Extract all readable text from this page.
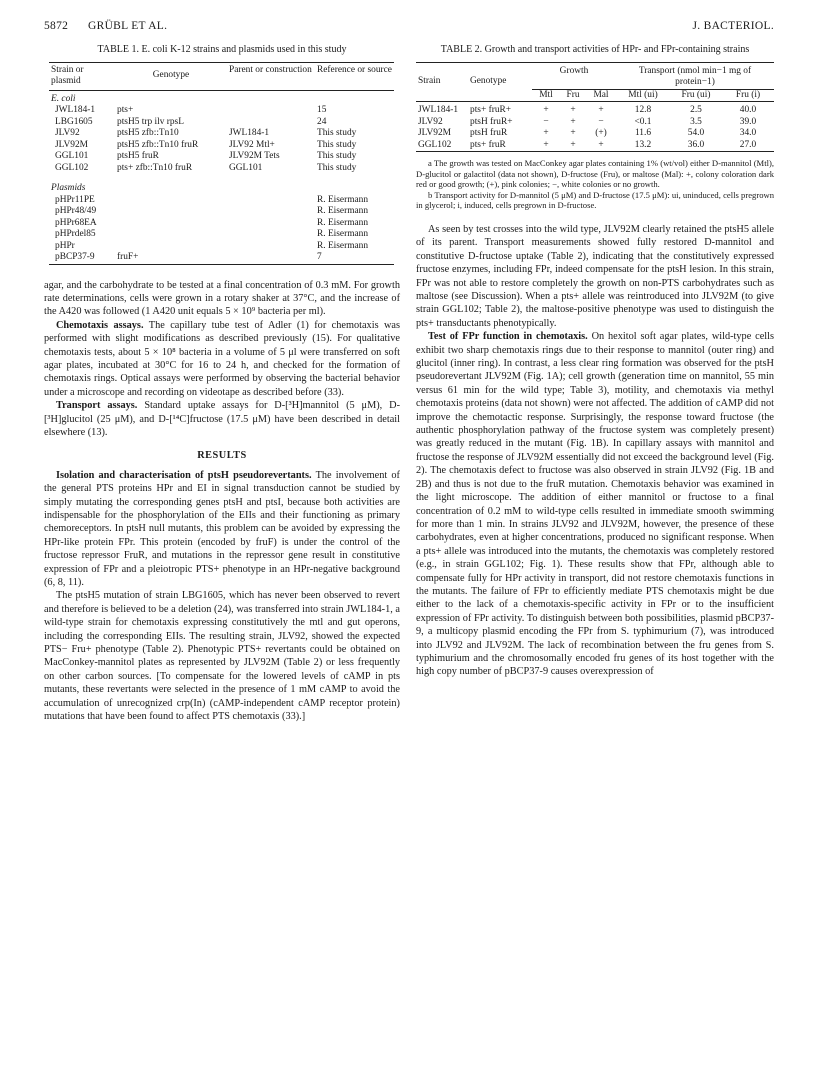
5872 GRÜBL ET AL.	J. BACTERIOL.
TABLE 1. E. coli K-12 strains and plasmids used in this study
Strain or plasmid	Genotype	Parent or construction	Reference or source
E. coli			
JWL184-1	pts+		15
LBG1605	ptsH5 trp ilv rpsL		24
JLV92	ptsH5 zfb::Tn10	JWL184-1	This study
JLV92M	ptsH5 zfb::Tn10 fruR	JLV92 Mtl+	This study
GGL101	ptsH5 fruR	JLV92M Tets	This study
GGL102	pts+ zfb::Tn10 fruR	GGL101	This study

Plasmids			
pHPr11PE			R. Eisermann
pHPr48/49			R. Eisermann
pHPr68EA			R. Eisermann
pHPrdel85			R. Eisermann
pHPr			R. Eisermann
pBCP37-9	fruF+		7

agar, and the carbohydrate to be tested at a final concentration of 0.3 mM. For growth rate determinations, cells were grown in a rotary shaker at 37°C, and the increase of the A420 was followed (1 A420 unit equals 5 × 10⁹ bacteria per ml).

Chemotaxis assays. The capillary tube test of Adler (1) for chemotaxis was performed with slight modifications as described previously (15). For qualitative chemotaxis tests, about 5 × 10⁸ bacteria in a volume of 5 μl were transferred on soft agar plates, incubated at 30°C for 16 to 24 h, and checked for the formation of chemotaxis rings. Optical assays were performed by observing the bacterial behavior under a microscope and recording on videotape as described before (33).

Transport assays. Standard uptake assays for D-[³H]mannitol (5 μM), D-[³H]glucitol (25 μM), and D-[¹⁴C]fructose (17.5 μM) have been described in detail elsewhere (13).

RESULTS

Isolation and characterisation of ptsH pseudorevertants. The involvement of the general PTS proteins HPr and EI in signal transduction cannot be studied by simply mutating the corresponding genes ptsH and ptsI, because both activities are indispensable for the phosphorylation of the EIIs and their functioning as primary chemoreceptors. In ptsH null mutants, this problem can be avoided by expressing the HPr-like protein FPr. This protein (encoded by fruF) is under the control of the fructose repressor FruR, and mutations in the repressor gene result in constitutive expression of FPr and a pleiotropic PTS+ phenotype in an HPr-negative background (6, 8, 11).

The ptsH5 mutation of strain LBG1605, which has never been observed to revert and therefore is believed to be a deletion (24), was transferred into strain JWL184-1, a wild-type strain for chemotaxis expressing constitutively the mtl and gut operons, including the corresponding EIIs. The resulting strain, JLV92, showed the expected PTS− Fru+ phenotype (Table 2). Phenotypic PTS+ revertants could be obtained on MacConkey-mannitol plates as represented by JLV92M (Table 2) or less frequently on other carbon sources. [To compensate for the lowered levels of cAMP in pts mutants, these revertants were selected in the presence of 1 mM cAMP to avoid the accumulation of unrecognized crp(In) (cAMP-independent cAMP receptor protein) mutations that have been found to affect PTS chemotaxis (33).]

TABLE 2. Growth and transport activities of HPr- and FPr-containing strains
Strain	Genotype	Growth			Transport (nmol min−1 mg of protein−1)		
		Mtl	Fru	Mal	Mtl (ui)	Fru (ui)	Fru (i)
JWL184-1	pts+ fruR+	+	+	+	12.8	2.5	40.0
JLV92	ptsH fruR+	−	+	−	<0.1	3.5	39.0
JLV92M	ptsH fruR	+	+	(+)	11.6	54.0	34.0
GGL102	pts+ fruR	+	+	+	13.2	36.0	27.0

a The growth was tested on MacConkey agar plates containing 1% (wt/vol) either D-mannitol (Mtl), D-glucitol or galactitol (data not shown), D-fructose (Fru), or maltose (Mal): +, colony coloration dark red or good growth; (+), pink colonies; −, white colonies or no growth.

b Transport activity for D-mannitol (5 μM) and D-fructose (17.5 μM): ui, uninduced, cells pregrown in glycerol; i, induced, cells pregrown in D-fructose.

As seen by test crosses into the wild type, JLV92M clearly retained the ptsH5 allele of its parent. Transport measurements showed fully restored D-mannitol and constitutive D-fructose uptake (Table 2), indicating that the constitutively expressed fructose enzymes, including FPr, indeed compensate for the ptsH lesion. In this strain, FPr was not able to restore completely the growth on non-PTS carbohydrates such as maltose (see Discussion). When a pts+ allele was reintroduced into JLV92M (to give strain GGL102; Table 2), the maltose-positive phenotype was used to distinguish the pts+ transductants phenotypically.

Test of FPr function in chemotaxis. On hexitol soft agar plates, wild-type cells exhibit two sharp chemotaxis rings due to their response to mannitol (outer ring) and glucitol (inner ring). In contrast, a less clear ring formation was observed for the ptsH pseudorevertant JLV92M (Fig. 1A); cell growth (generation time on mannitol, 55 min versus 61 min for the wild type; Table 3), motility, and chemotaxis via methyl chemotaxis proteins (data not shown) were not affected. The addition of cAMP did not improve the chemotactic response. Surprisingly, the response toward fructose (the authentic phosphorylation pathway of the fructose system was completely present) was greatly reduced in the mutant (Fig. 1B). In capillary assays with mannitol and fructose the response of JLV92M essentially did not exceed the background level (Fig. 2). The chemotaxis defect to fructose was also observed in strain JLV92 (Fig. 1B and 2B) and thus is not due to the fruR mutation. Chemotaxis behavior was examined in the light microscope. The addition of either mannitol or fructose to a final concentration of 0.2 mM to wild-type cells resulted in immediate smooth swimming for more than 1 min. In strains JLV92 and JLV92M, however, the presence of these carbohydrates, even at higher concentrations, produced no significant response. When a pts+ allele was introduced into the mutants, the chemotaxis was completely restored (e.g., in strain GGL102; Fig. 1). These results show that FPr, although able to compensate fully for HPr activity in transport, did not restore chemotaxis functions in the mutants. The failure of FPr to efficiently mediate PTS chemotaxis might be due either to the lack of a chemotaxis-specific activity in FPr or to the insufficient expression of FPr activity. To distinguish between both possibilities, plasmid pBCP37-9, a multicopy plasmid encoding the FPr from S. typhimurium (7), was introduced into JLV92 and JLV92M. The lack of recombination between the fru genes from S. typhimurium and the chromosomally encoded fru genes of its host together with the high copy number of pBCP37-9 causes overexpression of
